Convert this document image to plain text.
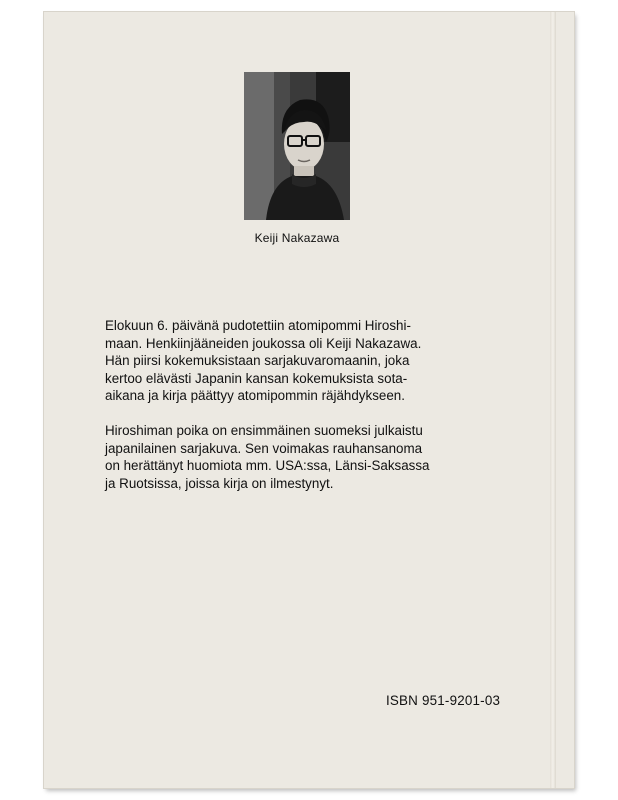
Keiji Nakazawa

Elokuun 6. päivänä pudotettiin atomipommi Hiroshi-
maan. Henkiinjääneiden joukossa oli Keiji Nakazawa.
Hän piirsi kokemuksistaan sarjakuvaromaanin, joka
kertoo elävästi Japanin kansan kokemuksista sota-
aikana ja kirja päättyy atomipommin räjähdykseen.

Hiroshiman poika on ensimmäinen suomeksi julkaistu
japanilainen sarjakuva. Sen voimakas rauhansanoma
on herättänyt huomiota mm. USA:ssa, Länsi-Saksassa
ja Ruotsissa, joissa kirja on ilmestynyt.

ISBN 951-9201-03
